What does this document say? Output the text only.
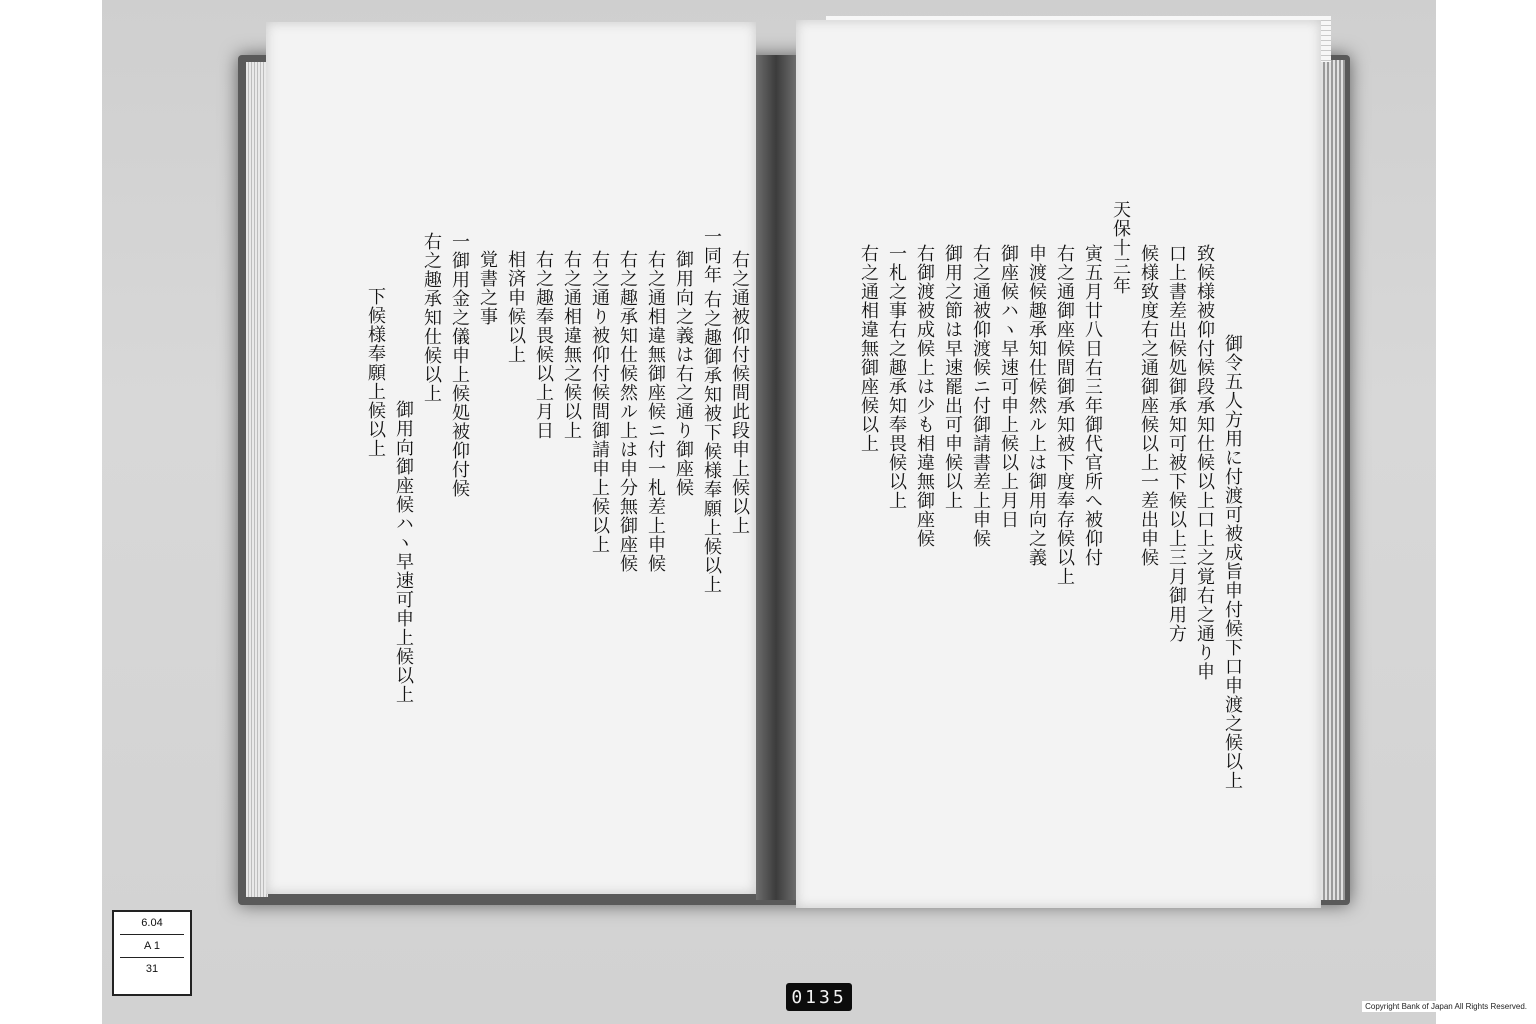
右之通被仰付候間此段申上候以上
一同年
右之趣御承知被下候様奉願上候以上
御用向之義は右之通り御座候
右之通相違無御座候ニ付一札差上申候
右之趣承知仕候然ル上は申分無御座候
右之通り被仰付候間御請申上候以上
右之通相違無之候以上
右之趣奉畏候以上月日
相済申候以上
覚書之事
一御用金之儀申上候処被仰付候
右之趣承知仕候以上
御用向御座候ハヽ早速可申上候以上
下候様奉願上候以上	御令五人方用に付渡可被成旨申付候下口申渡之候以上
致候様被仰付候段承知仕候以上口上之覚右之通り申
口上書差出候処御承知可被下候以上三月御用方
候様致度右之通御座候以上一差出申候
天保十三年
寅五月廿八日右三年御代官所へ被仰付
右之通御座候間御承知被下度奉存候以上
申渡候趣承知仕候然ル上は御用向之義
御座候ハヽ早速可申上候以上月日
右之通被仰渡候ニ付御請書差上申候
御用之節は早速罷出可申候以上
右御渡被成候上は少も相違無御座候
一札之事右之趣承知奉畏候以上
右之通相違無御座候以上
6.04
A 1
31
0135	Copyright Bank of Japan All Rights Reserved.
